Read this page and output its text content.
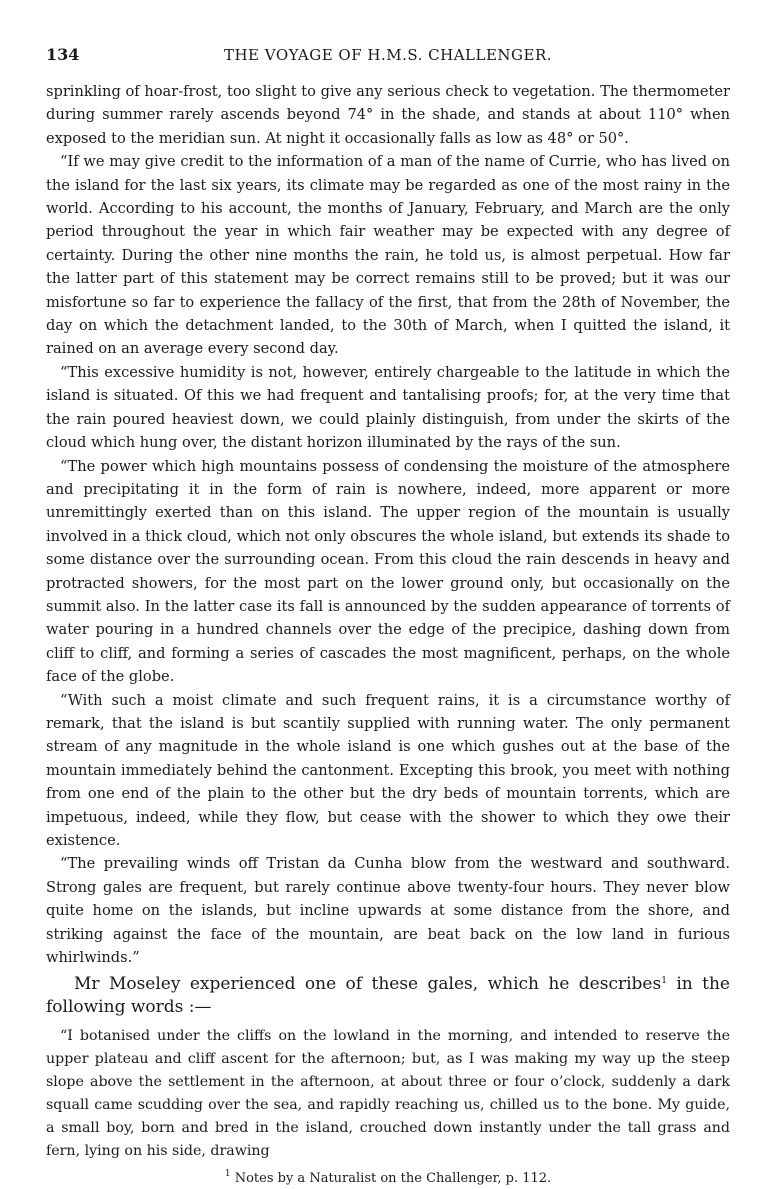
134	THE VOYAGE OF H.M.S. CHALLENGER.

sprinkling of hoar-frost, too slight to give any serious check to vegetation. The thermometer during summer rarely ascends beyond 74° in the shade, and stands at about 110° when exposed to the meridian sun. At night it occasionally falls as low as 48° or 50°.

“If we may give credit to the information of a man of the name of Currie, who has lived on the island for the last six years, its climate may be regarded as one of the most rainy in the world. According to his account, the months of January, February, and March are the only period throughout the year in which fair weather may be expected with any degree of certainty. During the other nine months the rain, he told us, is almost perpetual. How far the latter part of this statement may be correct remains still to be proved; but it was our misfortune so far to experience the fallacy of the first, that from the 28th of November, the day on which the detachment landed, to the 30th of March, when I quitted the island, it rained on an average every second day.

“This excessive humidity is not, however, entirely chargeable to the latitude in which the island is situated. Of this we had frequent and tantalising proofs; for, at the very time that the rain poured heaviest down, we could plainly distinguish, from under the skirts of the cloud which hung over, the distant horizon illuminated by the rays of the sun.

“The power which high mountains possess of condensing the moisture of the atmosphere and precipitating it in the form of rain is nowhere, indeed, more apparent or more unremittingly exerted than on this island. The upper region of the mountain is usually involved in a thick cloud, which not only obscures the whole island, but extends its shade to some distance over the surrounding ocean. From this cloud the rain descends in heavy and protracted showers, for the most part on the lower ground only, but occasionally on the summit also. In the latter case its fall is announced by the sudden appearance of torrents of water pouring in a hundred channels over the edge of the precipice, dashing down from cliff to cliff, and forming a series of cascades the most magnificent, perhaps, on the whole face of the globe.

“With such a moist climate and such frequent rains, it is a circumstance worthy of remark, that the island is but scantily supplied with running water. The only permanent stream of any magnitude in the whole island is one which gushes out at the base of the mountain immediately behind the cantonment. Excepting this brook, you meet with nothing from one end of the plain to the other but the dry beds of mountain torrents, which are impetuous, indeed, while they flow, but cease with the shower to which they owe their existence.

“The prevailing winds off Tristan da Cunha blow from the westward and southward. Strong gales are frequent, but rarely continue above twenty-four hours. They never blow quite home on the islands, but incline upwards at some distance from the shore, and striking against the face of the mountain, are beat back on the low land in furious whirlwinds.”

Mr Moseley experienced one of these gales, which he describes$^1$ in the following words :—

“I botanised under the cliffs on the lowland in the morning, and intended to reserve the upper plateau and cliff ascent for the afternoon; but, as I was making my way up the steep slope above the settlement in the afternoon, at about three or four o’clock, suddenly a dark squall came scudding over the sea, and rapidly reaching us, chilled us to the bone. My guide, a small boy, born and bred in the island, crouched down instantly under the tall grass and fern, lying on his side, drawing

$^1$ Notes by a Naturalist on the Challenger, p. 112.
